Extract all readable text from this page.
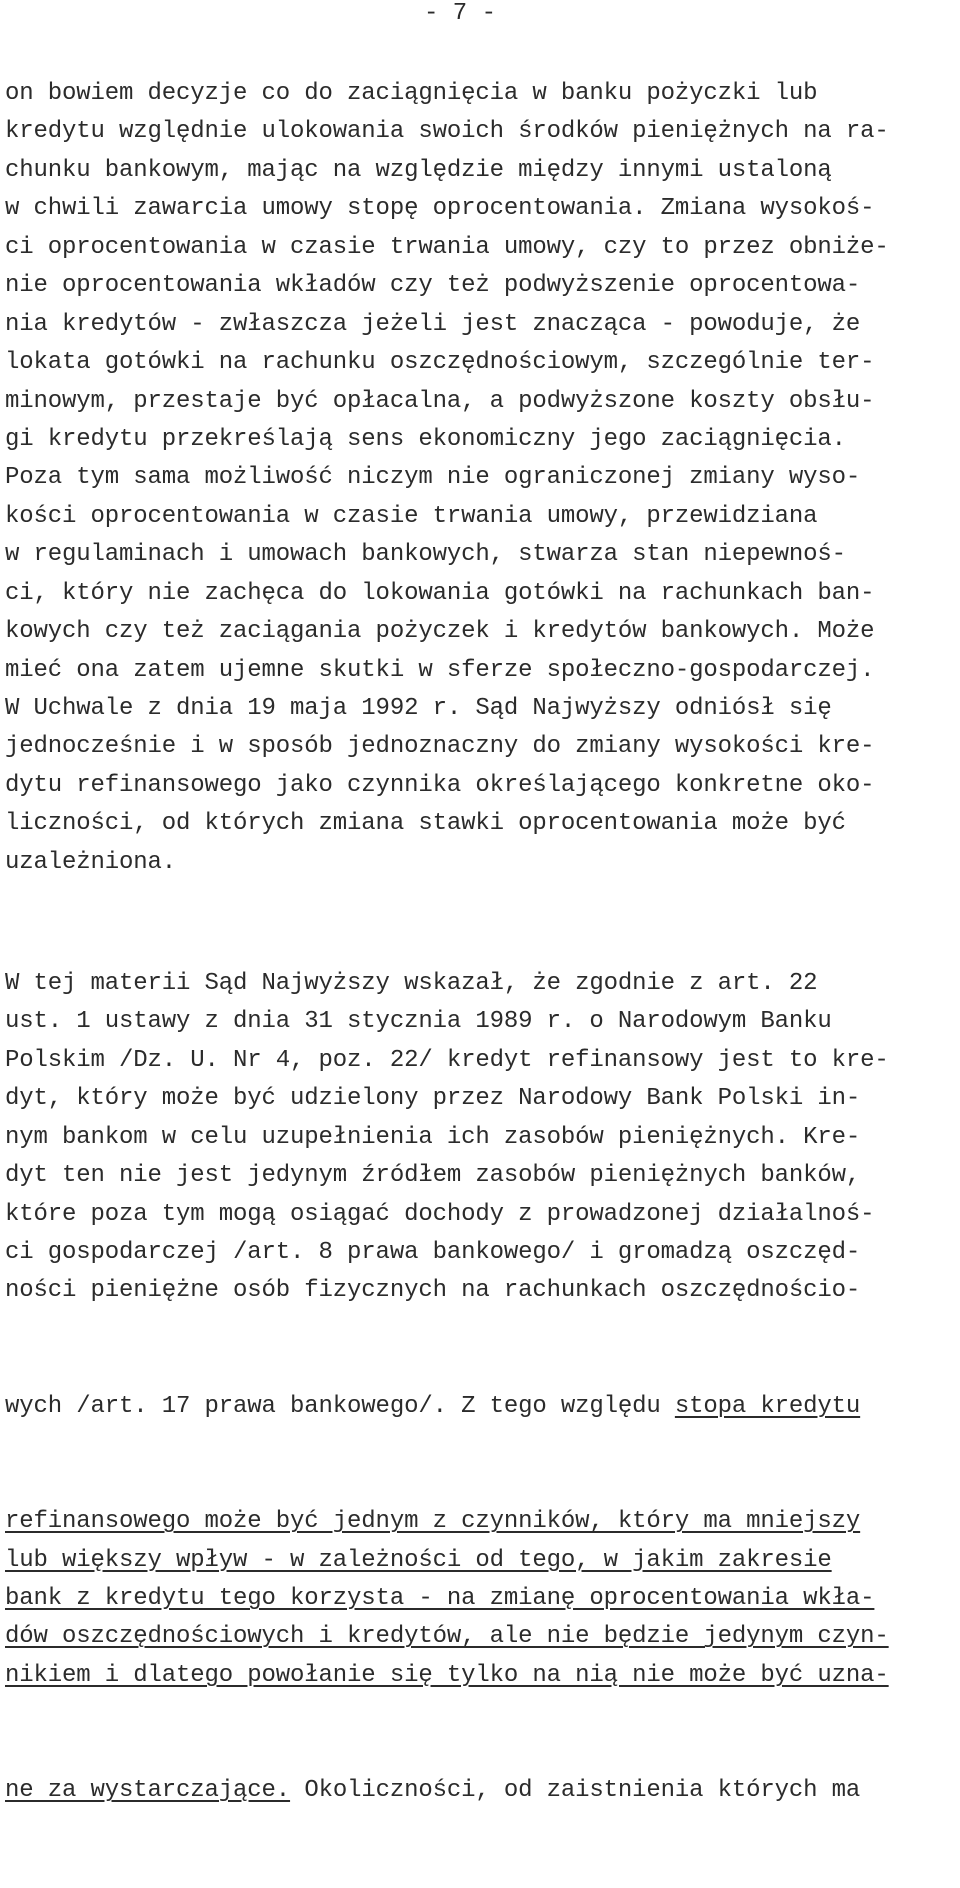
- 7 -
on bowiem decyzje co do zaciągnięcia w banku pożyczki lub
kredytu względnie ulokowania swoich środków pieniężnych na ra-
chunku bankowym, mając na względzie między innymi ustaloną
w chwili zawarcia umowy stopę oprocentowania. Zmiana wysokoś-
ci oprocentowania w czasie trwania umowy, czy to przez obniże-
nie oprocentowania wkładów czy też podwyższenie oprocentowa-
nia kredytów - zwłaszcza jeżeli jest znacząca - powoduje, że
lokata gotówki na rachunku oszczędnościowym, szczególnie ter-
minowym, przestaje być opłacalna, a podwyższone koszty obsłu-
gi kredytu przekreślają sens ekonomiczny jego zaciągnięcia.
Poza tym sama możliwość niczym nie ograniczonej zmiany wyso-
kości oprocentowania w czasie trwania umowy, przewidziana
w regulaminach i umowach bankowych, stwarza stan niepewnoś-
ci, który nie zachęca do lokowania gotówki na rachunkach ban-
kowych czy też zaciągania pożyczek i kredytów bankowych. Może
mieć ona zatem ujemne skutki w sferze społeczno-gospodarczej.
W Uchwale z dnia 19 maja 1992 r. Sąd Najwyższy odniósł się
jednocześnie i w sposób jednoznaczny do zmiany wysokości kre-
dytu refinansowego jako czynnika określającego konkretne oko-
liczności, od których zmiana stawki oprocentowania może być
uzależniona.

W tej materii Sąd Najwyższy wskazał, że zgodnie z art. 22
ust. 1 ustawy z dnia 31 stycznia 1989 r. o Narodowym Banku
Polskim /Dz. U. Nr 4, poz. 22/ kredyt refinansowy jest to kre-
dyt, który może być udzielony przez Narodowy Bank Polski in-
nym bankom w celu uzupełnienia ich zasobów pieniężnych. Kre-
dyt ten nie jest jedynym źródłem zasobów pieniężnych banków,
które poza tym mogą osiągać dochody z prowadzonej działalnoś-
ci gospodarczej /art. 8 prawa bankowego/ i gromadzą oszczęd-
ności pieniężne osób fizycznych na rachunkach oszczędnościo-

wych /art. 17 prawa bankowego/. Z tego względu stopa kredytu

refinansowego może być jednym z czynników, który ma mniejszy
lub większy wpływ - w zależności od tego, w jakim zakresie
bank z kredytu tego korzysta - na zmianę oprocentowania wkła-
dów oszczędnościowych i kredytów, ale nie będzie jedynym czyn-
nikiem i dlatego powołanie się tylko na nią nie może być uzna-

ne za wystarczające. Okoliczności, od zaistnienia których ma
